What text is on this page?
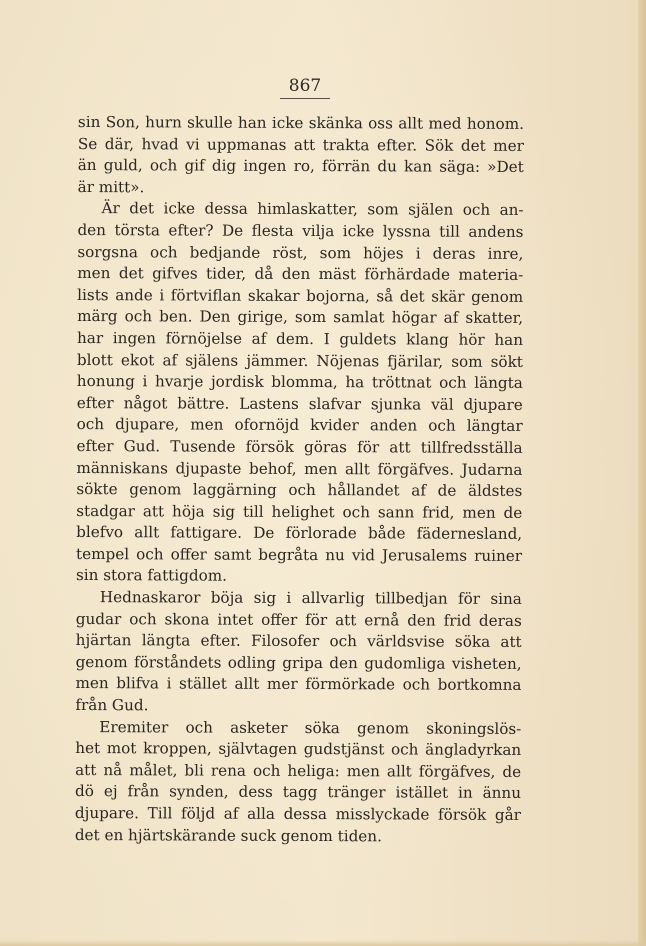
867

sin Son, hurn skulle han icke skänka oss allt med honom.
Se där, hvad vi uppmanas att trakta efter. Sök det mer
än guld, och gif dig ingen ro, förrän du kan säga: »Det
är mitt».

Är det icke dessa himlaskatter, som själen och an-
den törsta efter? De flesta vilja icke lyssna till andens
sorgsna och bedjande röst, som höjes i deras inre,
men det gifves tider, då den mäst förhärdade materia-
lists ande i förtviflan skakar bojorna, så det skär genom
märg och ben. Den girige, som samlat högar af skatter,
har ingen förnöjelse af dem. I guldets klang hör han
blott ekot af själens jämmer. Nöjenas fjärilar, som sökt
honung i hvarje jordisk blomma, ha tröttnat och längta
efter något bättre. Lastens slafvar sjunka väl djupare
och djupare, men ofornöjd kvider anden och längtar
efter Gud. Tusende försök göras för att tillfredsställa
människans djupaste behof, men allt förgäfves. Judarna
sökte genom laggärning och hållandet af de äldstes
stadgar att höja sig till helighet och sann frid, men de
blefvo allt fattigare. De förlorade både fädernesland,
tempel och offer samt begråta nu vid Jerusalems ruiner
sin stora fattigdom.

Hednaskaror böja sig i allvarlig tillbedjan för sina
gudar och skona intet offer för att ernå den frid deras
hjärtan längta efter. Filosofer och världsvise söka att
genom förståndets odling gripa den gudomliga visheten,
men blifva i stället allt mer förmörkade och bortkomna
från Gud.

Eremiter och asketer söka genom skoningslös-
het mot kroppen, självtagen gudstjänst och ängladyrkan
att nå målet, bli rena och heliga: men allt förgäfves, de
dö ej från synden, dess tagg tränger istället in ännu
djupare. Till följd af alla dessa misslyckade försök går
det en hjärtskärande suck genom tiden.
